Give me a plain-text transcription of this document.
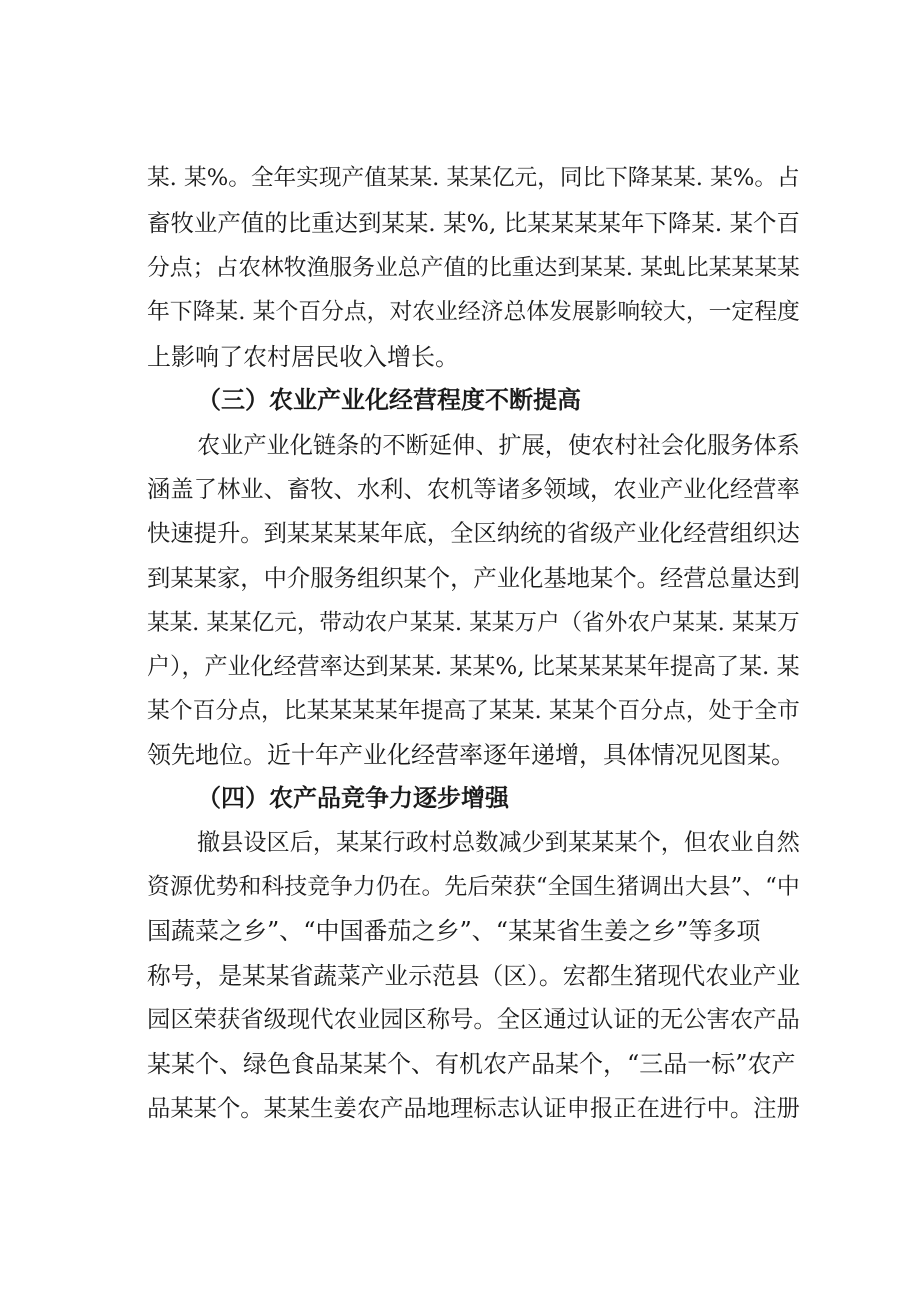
某. 某%。全年实现产值某某. 某某亿元，同比下降某某. 某%。占
畜牧业产值的比重达到某某. 某%, 比某某某某年下降某. 某个百
分点；占农林牧渔服务业总产值的比重达到某某. 某虬比某某某某
年下降某. 某个百分点，对农业经济总体发展影响较大，一定程度
上影响了农村居民收入增长。
（三）农业产业化经营程度不断提高
农业产业化链条的不断延伸、扩展，使农村社会化服务体系
涵盖了林业、畜牧、水利、农机等诸多领域，农业产业化经营率
快速提升。到某某某某年底，全区纳统的省级产业化经营组织达
到某某家，中介服务组织某个，产业化基地某个。经营总量达到
某某. 某某亿元，带动农户某某. 某某万户（省外农户某某. 某某万
户），产业化经营率达到某某. 某某%, 比某某某某年提高了某. 某
某个百分点，比某某某某年提高了某某. 某某个百分点，处于全市
领先地位。近十年产业化经营率逐年递增，具体情况见图某。
（四）农产品竞争力逐步增强
撤县设区后，某某行政村总数减少到某某某个，但农业自然
资源优势和科技竞争力仍在。先后荣获“全国生猪调出大县”、“中
国蔬菜之乡”、“中国番茄之乡”、“某某省生姜之乡”等多项
称号，是某某省蔬菜产业示范县（区）。宏都生猪现代农业产业
园区荣获省级现代农业园区称号。全区通过认证的无公害农产品
某某个、绿色食品某某个、有机农产品某个，“三品一标”农产
品某某个。某某生姜农产品地理标志认证申报正在进行中。注册
